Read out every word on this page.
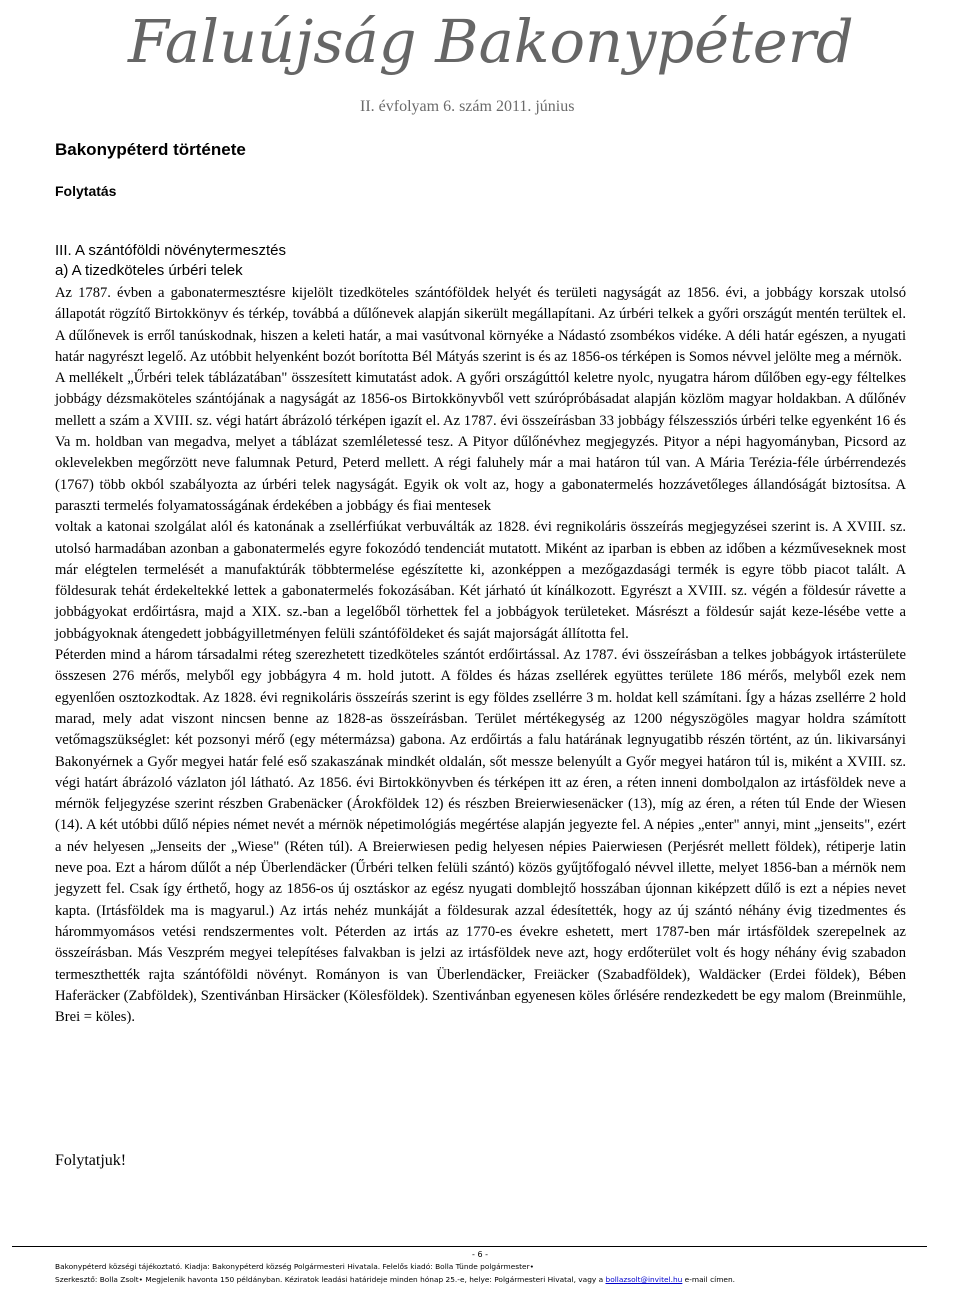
Faluújság Bakonypéterd
II. évfolyam 6. szám 2011. június
Bakonypéterd története
Folytatás
III. A szántóföldi növénytermesztés
a) A tizedköteles úrbéri telek

Az 1787. évben a gabonatermesztésre kijelölt tizedköteles szántóföldek helyét és területi nagyságát az 1856. évi, a jobbágy korszak utolsó állapotát rögzítő Birtokkönyv és térkép, továbbá a dűlőnevek alapján sikerült megállapítani. Az úrbéri telkek a győri országút mentén terültek el. A dűlőnevek is erről tanúskodnak, hiszen a keleti határ, a mai vasútvonal környéke a Nádastó zsombékos vidéke. A déli határ egészen, a nyugati határ nagyrészt legelő. Az utóbbit helyenként bozót borította Bél Mátyás szerint is és az 1856-os térképen is Somos névvel jelölte meg a mérnök.

A mellékelt „Űrbéri telek táblázatában" összesített kimutatást adok. A győri országúttól keletre nyolc, nyugatra három dűlőben egy-egy féltelkes jobbágy dézsmaköteles szántójának a nagyságát az 1856-os Birtokkönyvből vett szúrópróbásadat alapján közlöm magyar holdakban. A dűlőnév mellett a szám a XVIII. sz. végi határt ábrázoló térképen igazít el. Az 1787. évi összeírásban 33 jobbágy félszessziós úrbéri telke egyenként 16 és Va m. holdban van megadva, melyet a táblázat szemléletessé tesz. A Pityor dűlőnévhez megjegyzés. Pityor a népi hagyományban, Picsord az oklevelekben megőrzött neve falumnak Peturd, Peterd mellett. A régi faluhely már a mai határon túl van. A Mária Terézia-féle úrbérrendezés (1767) több okból szabályozta az úrbéri telek nagyságát. Egyik ok volt az, hogy a gabonatermelés hozzávetőleges állandóságát biztosítsa. A paraszti termelés folyamatosságának érdekében a jobbágy és fiai mentesek

voltak a katonai szolgálat alól és katonának a zsellérfiúkat verbuválták az 1828. évi regnikoláris összeírás megjegyzései szerint is. A XVIII. sz. utolsó harmadában azonban a gabonatermelés egyre fokozódó tendenciát mutatott. Miként az iparban is ebben az időben a kézműveseknek most már elégtelen termelését a manufaktúrák többtermelése egészítette ki, azonképpen a mezőgazdasági termék is egyre több piacot talált. A földesurak tehát érdekeltekké lettek a gabonatermelés fokozásában. Két járható út kínálkozott. Egyrészt a XVIII. sz. végén a földesúr rávette a jobbágyokat erdőirtásra, majd a XIX. sz.-ban a legelőből törhettek fel a jobbágyok területeket. Másrészt a földesúr saját keze-lésébe vette a jobbágyoknak átengedett jobbágyilletményen felüli szántóföldeket és saját majorságát állította fel.

Péterden mind a három társadalmi réteg szerezhetett tizedköteles szántót erdőirtással. Az 1787. évi összeírásban a telkes jobbágyok irtásterülete összesen 276 mérős, melyből egy jobbágyra 4 m. hold jutott. A földes és házas zsellérek együttes területe 186 mérős, melyből ezek nem egyenlően osztozkodtak. Az 1828. évi regnikoláris összeírás szerint is egy földes zsellérre 3 m. holdat kell számítani. Így a házas zsellérre 2 hold marad, mely adat viszont nincsen benne az 1828-as összeírásban. Terület mértékegység az 1200 négyszögöles magyar holdra számított vetőmagszükséglet: két pozsonyi mérő (egy métermázsa) gabona. Az erdőirtás a falu határának legnyugatibb részén történt, az ún. likivarsányi Bakonyérnek a Győr megyei határ felé eső szakaszának mindkét oldalán, sőt messze belenyúlt a Győr megyei határon túl is, miként a XVIII. sz. végi határt ábrázoló vázlaton jól látható. Az 1856. évi Birtokkönyvben és térképen itt az éren, a réten inneni dombolдalon az irtásföldek neve a mérnök feljegyzése szerint részben Grabenäcker (Árokföldek 12) és részben Breierwiesenäcker (13), míg az éren, a réten túl Ende der Wiesen (14). A két utóbbi dűlő népies német nevét a mérnök népetimológiás megértése alapján jegyezte fel. A népies „enter" annyi, mint „jenseits", ezért a név helyesen „Jenseits der „Wiese" (Réten túl). A Breierwiesen pedig helyesen népies Paierwiesen (Perjésrét mellett földek), rétiperje latin neve poa. Ezt a három dűlőt a nép Überlendäcker (Űrbéri telken felüli szántó) közös gyűjtőfogaló névvel illette, melyet 1856-ban a mérnök nem jegyzett fel. Csak így érthető, hogy az 1856-os új osztáskor az egész nyugati domblejtő hosszában újonnan kiképzett dűlő is ezt a népies nevet kapta. (Irtásföldek ma is magyarul.) Az irtás nehéz munkáját a földesurak azzal édesítették, hogy az új szántó néhány évig tizedmentes és hárommyomásos vetési rendszermentes volt. Péterden az irtás az 1770-es évekre eshetett, mert 1787-ben már irtásföldek szerepelnek az összeírásban. Más Veszprém megyei telepítéses falvakban is jelzi az irtásföldek neve azt, hogy erdőterület volt és hogy néhány évig szabadon termeszthették rajta szántóföldi növényt. Rományon is van Überlendäcker, Freiäcker (Szabadföldek), Waldäcker (Erdei földek), Bében Haferäcker (Zabföldek), Szentivánban Hirsäcker (Kölesföldek). Szentivánban egyenesen köles őrlésére rendezkedett be egy malom (Breinmühle, Brei = köles).

Folytatjuk!
- 6 -
Bakonypéterd községi tájékoztató. Kiadja: Bakonypéterd község Polgármesteri Hivatala. Felelős kiadó: Bolla Tünde polgármester•
Szerkesztő: Bolla Zsolt• Megjelenik havonta 150 példányban. Kéziratok leadási határideje minden hónap 25.-e, helye: Polgármesteri Hivatal, vagy a bollazsolt@invitel.hu e-mail címen.
